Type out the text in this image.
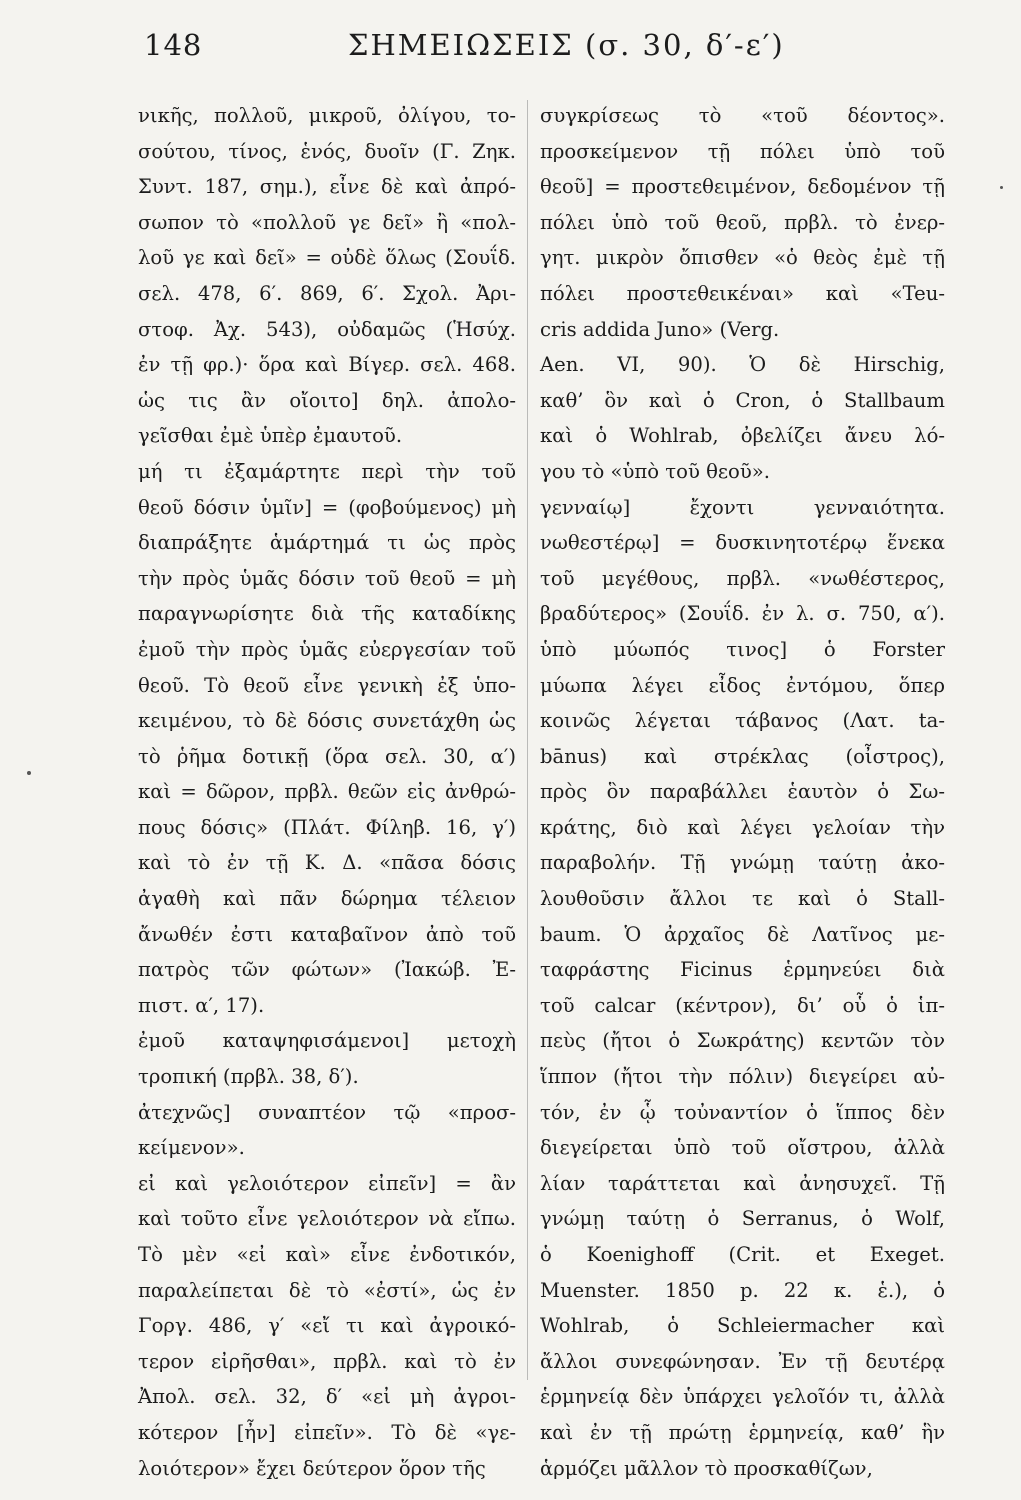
148	ΣΗΜΕΙΩΣΕΙΣ (σ. 30, δ′-ε′)
νικῆς, πολλοῦ, μικροῦ, ὀλίγου, το-
σούτου, τίνος, ἑνός, δυοῖν (Γ. Ζηκ.
Συντ. 187, σημ.), εἶνε δὲ καὶ ἀπρό-
σωπον τὸ «πολλοῦ γε δεῖ» ἢ «πολ-
λοῦ γε καὶ δεῖ» = οὐδὲ ὅλως (Σουΐδ.
σελ. 478, 6′. 869, 6′. Σχολ. Ἀρι-
στοφ. Ἀχ. 543), οὐδαμῶς (Ἡσύχ.
ἐν τῇ φρ.)· ὅρα καὶ Βίγερ. σελ. 468.
ὡς τις ἂν οἴοιτο] δηλ. ἀπολο-
γεῖσθαι ἐμὲ ὑπὲρ ἐμαυτοῦ.
μή τι ἐξαμάρτητε περὶ τὴν τοῦ
θεοῦ δόσιν ὑμῖν] = (φοβούμενος) μὴ
διαπράξητε ἁμάρτημά τι ὡς πρὸς
τὴν πρὸς ὑμᾶς δόσιν τοῦ θεοῦ = μὴ
παραγνωρίσητε διὰ τῆς καταδίκης
ἐμοῦ τὴν πρὸς ὑμᾶς εὐεργεσίαν τοῦ
θεοῦ. Τὸ θεοῦ εἶνε γενικὴ ἐξ ὑπο-
κειμένου, τὸ δὲ δόσις συνετάχθη ὡς
τὸ ῥῆμα δοτικῇ (ὅρα σελ. 30, α′)
καὶ = δῶρον, πρβλ. θεῶν εἰς ἀνθρώ-
πους δόσις» (Πλάτ. Φίληβ. 16, γ′)
καὶ τὸ ἐν τῇ Κ. Δ. «πᾶσα δόσις
ἀγαθὴ καὶ πᾶν δώρημα τέλειον
ἄνωθέν ἐστι καταβαῖνον ἀπὸ τοῦ
πατρὸς τῶν φώτων» (Ἰακώβ. Ἐ-
πιστ. α′, 17).
ἐμοῦ καταψηφισάμενοι] μετοχὴ
τροπική (πρβλ. 38, δ′).
ἀτεχνῶς] συναπτέον τῷ «προσ-
κείμενον».
εἰ καὶ γελοιότερον εἰπεῖν] = ἂν
καὶ τοῦτο εἶνε γελοιότερον νὰ εἴπω.
Τὸ μὲν «εἰ καὶ» εἶνε ἐνδοτικόν,
παραλείπεται δὲ τὸ «ἐστί», ὡς ἐν
Γοργ. 486, γ′ «εἴ τι καὶ ἀγροικό-
τερον εἰρῆσθαι», πρβλ. καὶ τὸ ἐν
Ἀπολ. σελ. 32, δ′ «εἰ μὴ ἀγροι-
κότερον [ἦν] εἰπεῖν». Τὸ δὲ «γε-
λοιότερον» ἔχει δεύτερον ὅρον τῆς
συγκρίσεως τὸ «τοῦ δέοντος».
προσκείμενον τῇ πόλει ὑπὸ τοῦ
θεοῦ] = προστεθειμένον, δεδομένον τῇ
πόλει ὑπὸ τοῦ θεοῦ, πρβλ. τὸ ἐνερ-
γητ. μικρὸν ὄπισθεν «ὁ θεὸς ἐμὲ τῇ
πόλει προστεθεικέναι» καὶ «Teu-
cris addida Juno» (Verg.
Aen. VI, 90). Ὁ δὲ Hirschig,
καθ’ ὃν καὶ ὁ Cron, ὁ Stallbaum
καὶ ὁ Wohlrab, ὀβελίζει ἄνευ λό-
γου τὸ «ὑπὸ τοῦ θεοῦ».
γενναίῳ] ἔχοντι γενναιότητα.
νωθεστέρῳ] = δυσκινητοτέρῳ ἕνεκα
τοῦ μεγέθους, πρβλ. «νωθέστερος,
βραδύτερος» (Σουΐδ. ἐν λ. σ. 750, α′).
ὑπὸ μύωπός τινος] ὁ Forster
μύωπα λέγει εἶδος ἐντόμου, ὅπερ
κοινῶς λέγεται τάβανος (Λατ. ta-
bānus) καὶ στρέκλας (οἶστρος),
πρὸς ὃν παραβάλλει ἑαυτὸν ὁ Σω-
κράτης, διὸ καὶ λέγει γελοίαν τὴν
παραβολήν. Τῇ γνώμῃ ταύτῃ ἀκο-
λουθοῦσιν ἄλλοι τε καὶ ὁ Stall-
baum. Ὁ ἀρχαῖος δὲ Λατῖνος με-
ταφράστης Ficinus ἑρμηνεύει διὰ
τοῦ calcar (κέντρον), δι’ οὗ ὁ ἱπ-
πεὺς (ἤτοι ὁ Σωκράτης) κεντῶν τὸν
ἵππον (ἤτοι τὴν πόλιν) διεγείρει αὐ-
τόν, ἐν ᾧ τοὐναντίον ὁ ἵππος δὲν
διεγείρεται ὑπὸ τοῦ οἴστρου, ἀλλὰ
λίαν ταράττεται καὶ ἀνησυχεῖ. Τῇ
γνώμῃ ταύτῃ ὁ Serranus, ὁ Wolf,
ὁ Koenighoff (Crit. et Exeget.
Muenster. 1850 p. 22 κ. ἑ.), ὁ
Wohlrab, ὁ Schleiermacher καὶ
ἄλλοι συνεφώνησαν. Ἐν τῇ δευτέρᾳ
ἑρμηνείᾳ δὲν ὑπάρχει γελοῖόν τι, ἀλλὰ
καὶ ἐν τῇ πρώτῃ ἑρμηνείᾳ, καθ’ ἣν
ἁρμόζει μᾶλλον τὸ προσκαθίζων,
